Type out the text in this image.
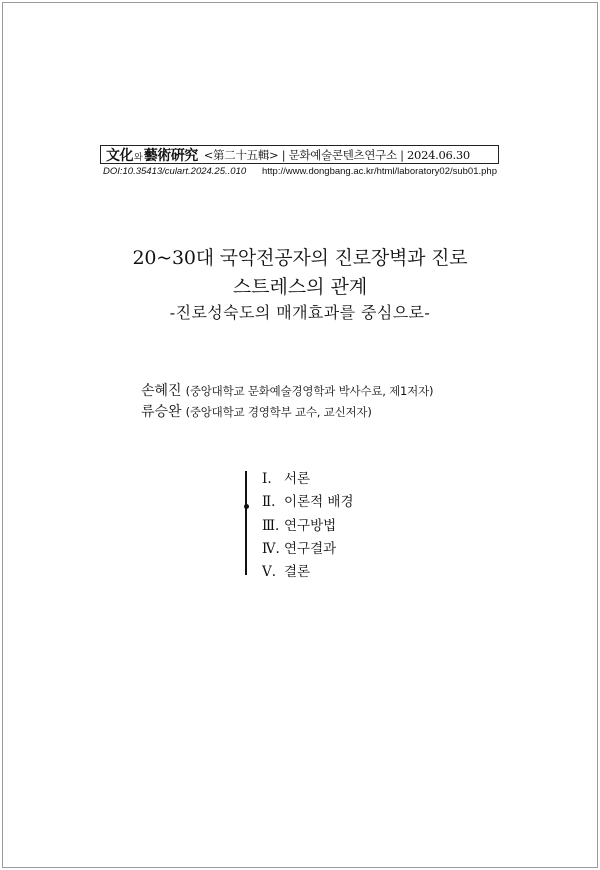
文化 와 藝術硏究 <第二十五輯> | 문화예술콘텐츠연구소 | 2024.06.30
DOI:10.35413/culart.2024.25..010 http://www.dongbang.ac.kr/html/laboratory02/sub01.php
20~30대 국악전공자의 진로장벽과 진로
스트레스의 관계
-진로성숙도의 매개효과를 중심으로-
손혜진 (중앙대학교 문화예술경영학과 박사수료, 제1저자)
류승완 (중앙대학교 경영학부 교수, 교신저자)
Ⅰ. 서론
Ⅱ. 이론적 배경
Ⅲ. 연구방법
Ⅳ. 연구결과
Ⅴ. 결론
